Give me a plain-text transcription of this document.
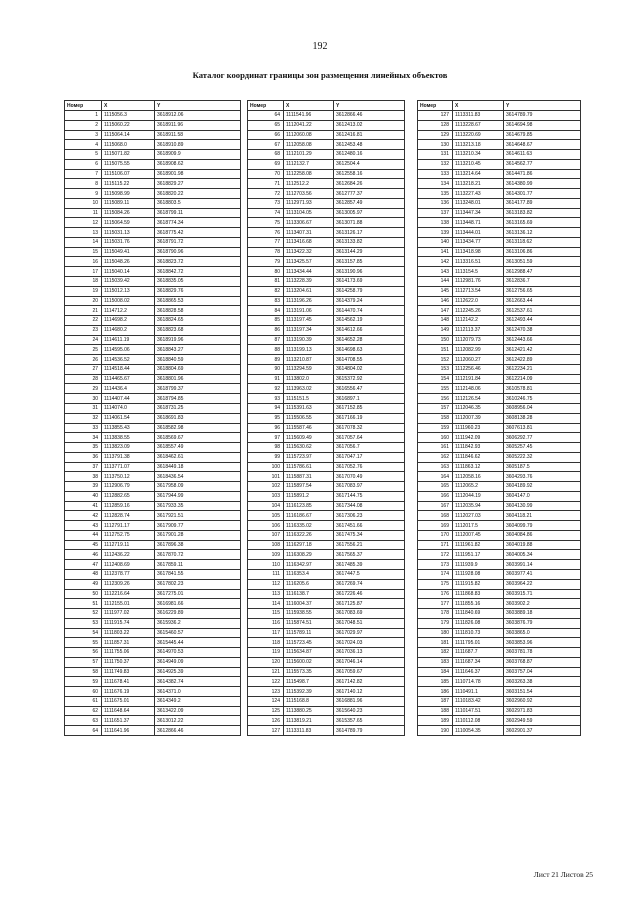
192
Каталог координат границы зон размещения линейных объектов
Номер	X	Y
1	1115056.3	3618912.06
2	1115060.22	3618911.96
3	1115064.14	3618911.58
4	1115068.0	3618910.89
5	1115071.82	3618909.9
6	1115075.55	3618908.62
7	1115106.07	3618901.98
8	1115115.22	3618829.27
9	1115098.99	3618820.22
10	1115089.11	3618803.5
11	1115084.26	3618799.11
12	1115064.59	3618774.34
13	1115031.13	3618775.42
14	1115031.76	3618791.72
15	1115049.41	3618790.96
16	1115048.26	3618823.72
17	1115040.14	3618842.72
18	1115039.42	3618835.05
19	1115012.13	3618829.76
20	1115008.02	3618865.53
21	1114712.2	3618828.58
22	1114698.2	3618824.65
23	1114680.2	3618823.68
24	1114611.19	3618919.96
25	1114595.06	3618843.27
26	1114536.52	3618840.59
27	1114518.44	3618804.69
28	1114465.67	3618801.96
29	1114436.4	3618799.37
30	1114407.44	3618794.85
31	1114074.0	3618731.25
32	1114061.54	3618691.83
33	1113855.43	3618582.98
34	1113838.55	3618569.67
35	1113823.09	3618557.49
36	1113791.38	3618462.61
37	1113771.07	3618449.18
38	1113750.12	3618436.54
39	1112906.79	3617958.09
40	1112882.65	3617944.99
41	1112859.16	3617933.35
42	1112828.74	3617921.51
43	1112791.17	3617909.77
44	1112752.75	3617901.28
45	1112719.11	3617896.38
46	1112436.22	3617870.72
47	1112408.69	3617859.11
48	1112378.77	3617841.55
49	1112309.26	3617802.23
50	1112216.64	3617275.01
51	1112155.01	3616981.66
52	1111977.02	3616229.89
53	1111915.74	3615936.2
54	1111803.22	3615460.57
55	1111857.31	3615445.44
56	1111755.06	3614970.53
57	1111750.37	3614949.09
58	1111749.83	3614925.39
59	1111678.41	3614382.74
60	1111676.19	3614371.0
61	1111675.01	3614349.2
62	1111648.64	3613422.09
63	1111651.37	3613012.22
64	1111641.96	3612866.46
Номер	X	Y
64	1111541.96	3612866.46
65	1112041.22	3612413.02
66	1112060.08	3612416.81
67	1112058.08	3612453.48
68	1112101.29	3612480.16
69	1112132.7	3612504.4
70	1112258.08	3612558.16
71	1112512.2	3612684.26
72	1112703.56	3612777.37
73	1112971.93	3612857.49
74	1113104.05	3613005.97
75	1113306.67	3613071.88
76	1113407.31	3613126.17
77	1113416.68	3613133.82
78	1113422.32	3613144.29
79	1113425.57	3613157.85
80	1113434.44	3613190.96
81	1113228.39	3614173.69
82	1113204.61	3614258.79
83	1113196.26	3614379.24
84	1113191.06	3614470.74
85	1113197.45	3614562.19
86	1113197.34	3614612.66
87	1113190.39	3614652.28
88	1113199.13	3614698.63
89	1113210.87	3614708.55
90	1113294.59	3614804.02
91	1113802.0	3615372.92
92	1113963.02	3616556.47
93	1115151.5	3616897.1
94	1115391.63	3617152.85
95	1115506.55	3617166.19
96	1115587.46	3617078.32
97	1115609.49	3617057.64
98	1115630.62	3617056.7
99	1115723.97	3617047.17
100	1115786.61	3617052.76
101	1115887.31	3617070.49
102	1115897.54	3617083.97
103	1115891.2	3617144.75
104	1116123.85	3617344.08
105	1116186.67	3617306.23
106	1116335.02	3617451.66
107	1116322.26	3617475.34
108	1116297.18	3617556.21
109	1116308.29	3617565.37
110	1116342.97	3617485.39
111	1116353.4	3617447.5
112	1116205.6	3617269.74
113	1116138.7	3617226.46
114	1116004.37	3617125.87
115	1115938.55	3617083.69
116	1115874.51	3617048.51
117	1115789.11	3617029.97
118	1115723.45	3617024.03
119	1115634.87	3617036.13
120	1115600.02	3617046.14
121	1115573.35	3617059.67
122	1115498.7	3617142.82
123	1115392.39	3617140.12
124	1115168.8	3616881.96
125	1113880.25	3615640.23
126	1113819.21	3615357.65
127	1113311.83	3614789.79
Номер	X	Y
127	1113311.83	3614789.79
128	1113228.67	3614694.98
129	1113220.69	3614679.85
130	1113213.18	3614648.67
131	1113210.34	3614611.63
132	1113210.45	3614562.77
133	1113214.64	3614471.86
134	1113218.21	3614380.99
135	1113227.43	3614301.77
136	1113248.01	3614177.89
137	1113447.34	3613183.82
138	1113448.71	3613165.69
139	1113444.01	3613136.12
140	1113434.77	3613118.62
141	1113418.98	3613106.86
142	1113316.51	3613051.59
143	1113154.5	3612988.47
144	1112981.76	3612836.7
145	1112713.54	3612756.65
146	1112622.0	3612663.44
147	1112245.26	3612537.61
148	1112142.2	3612493.44
149	1112113.37	3612470.38
150	1112079.73	3612443.66
151	1112082.99	3612421.42
152	1112060.27	3612422.89
153	1112256.46	3612234.21
154	1112191.84	3612214.09
155	1112148.06	3610578.81
156	1112126.54	3610246.75
157	1112046.35	3608956.04
158	1112007.39	3608138.28
159	1111960.23	3607613.81
160	1111942.09	3606292.77
161	1111842.93	3605257.45
162	1111846.62	3605222.32
163	1111863.12	3605187.5
164	1112058.16	3604293.76
165	1112065.2	3604189.92
166	1112044.19	3604147.0
167	1112035.94	3604130.99
168	1112027.03	3604118.21
169	1112017.5	3604099.79
170	1112007.45	3604084.86
171	1111961.82	3604019.88
172	1111951.17	3604005.34
173	1111939.9	3603991.14
174	1111928.08	3603977.41
175	1111915.82	3603964.22
176	1111868.83	3603915.71
177	1111855.16	3603902.2
178	1111840.69	3603889.18
179	1111826.08	3603876.79
180	1111810.73	3603865.0
181	1111795.01	3603853.96
182	1111687.7	3603781.78
183	1111687.34	3603768.87
184	1111646.37	3603757.04
185	1110714.78	3603263.38
186	1110491.1	3603151.54
187	1110183.42	3602960.92
188	1110147.51	3602971.83
189	1110112.08	3602949.59
190	1110054.35	3602901.37
Лист 21 Листов 25
